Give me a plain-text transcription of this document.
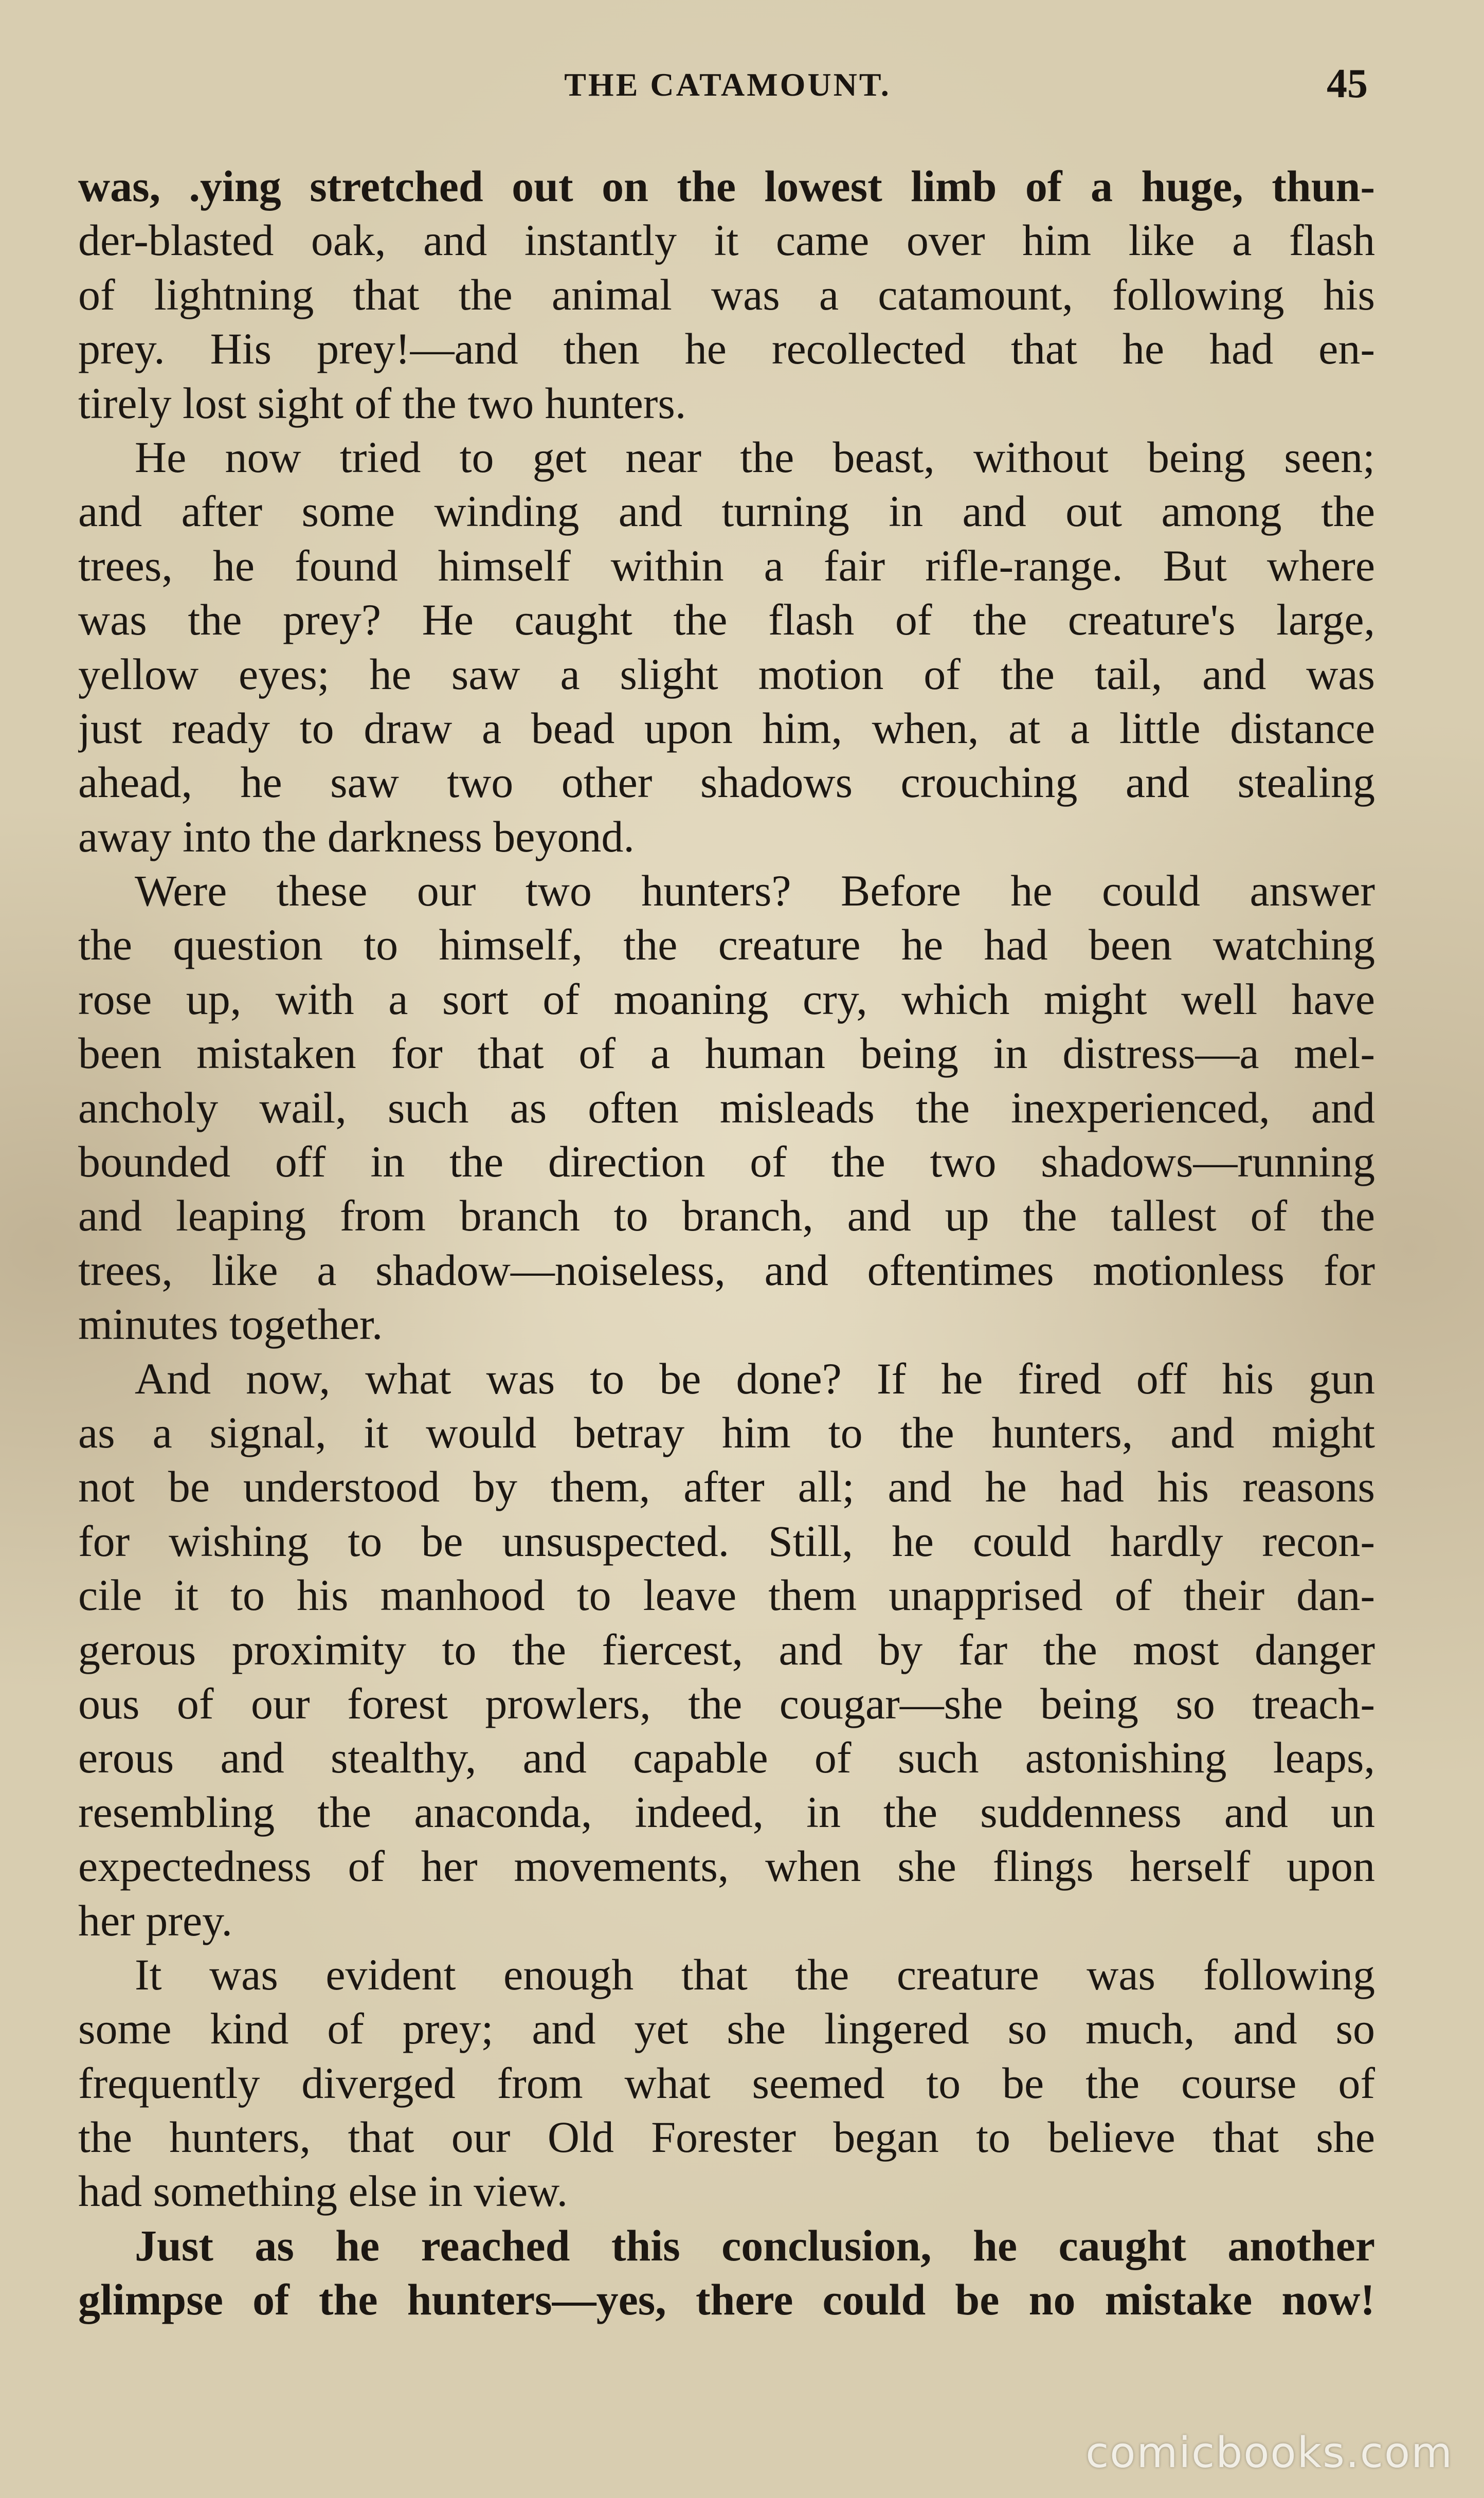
THE CATAMOUNT.	45
was, .ying stretched out on the lowest limb of a huge, thun-
der-blasted oak, and instantly it came over him like a flash
of lightning that the animal was a catamount, following his
prey. His prey!—and then he recollected that he had en-
tirely lost sight of the two hunters.
He now tried to get near the beast, without being seen;
and after some winding and turning in and out among the
trees, he found himself within a fair rifle-range. But where
was the prey? He caught the flash of the creature's large,
yellow eyes; he saw a slight motion of the tail, and was
just ready to draw a bead upon him, when, at a little distance
ahead, he saw two other shadows crouching and stealing
away into the darkness beyond.
Were these our two hunters? Before he could answer
the question to himself, the creature he had been watching
rose up, with a sort of moaning cry, which might well have
been mistaken for that of a human being in distress—a mel-
ancholy wail, such as often misleads the inexperienced, and
bounded off in the direction of the two shadows—running
and leaping from branch to branch, and up the tallest of the
trees, like a shadow—noiseless, and oftentimes motionless for
minutes together.
And now, what was to be done? If he fired off his gun
as a signal, it would betray him to the hunters, and might
not be understood by them, after all; and he had his reasons
for wishing to be unsuspected. Still, he could hardly recon-
cile it to his manhood to leave them unapprised of their dan-
gerous proximity to the fiercest, and by far the most danger
ous of our forest prowlers, the cougar—she being so treach-
erous and stealthy, and capable of such astonishing leaps,
resembling the anaconda, indeed, in the suddenness and un
expectedness of her movements, when she flings herself upon
her prey.
It was evident enough that the creature was following
some kind of prey; and yet she lingered so much, and so
frequently diverged from what seemed to be the course of
the hunters, that our Old Forester began to believe that she
had something else in view.
Just as he reached this conclusion, he caught another
glimpse of the hunters—yes, there could be no mistake now!
comicbooks.com
